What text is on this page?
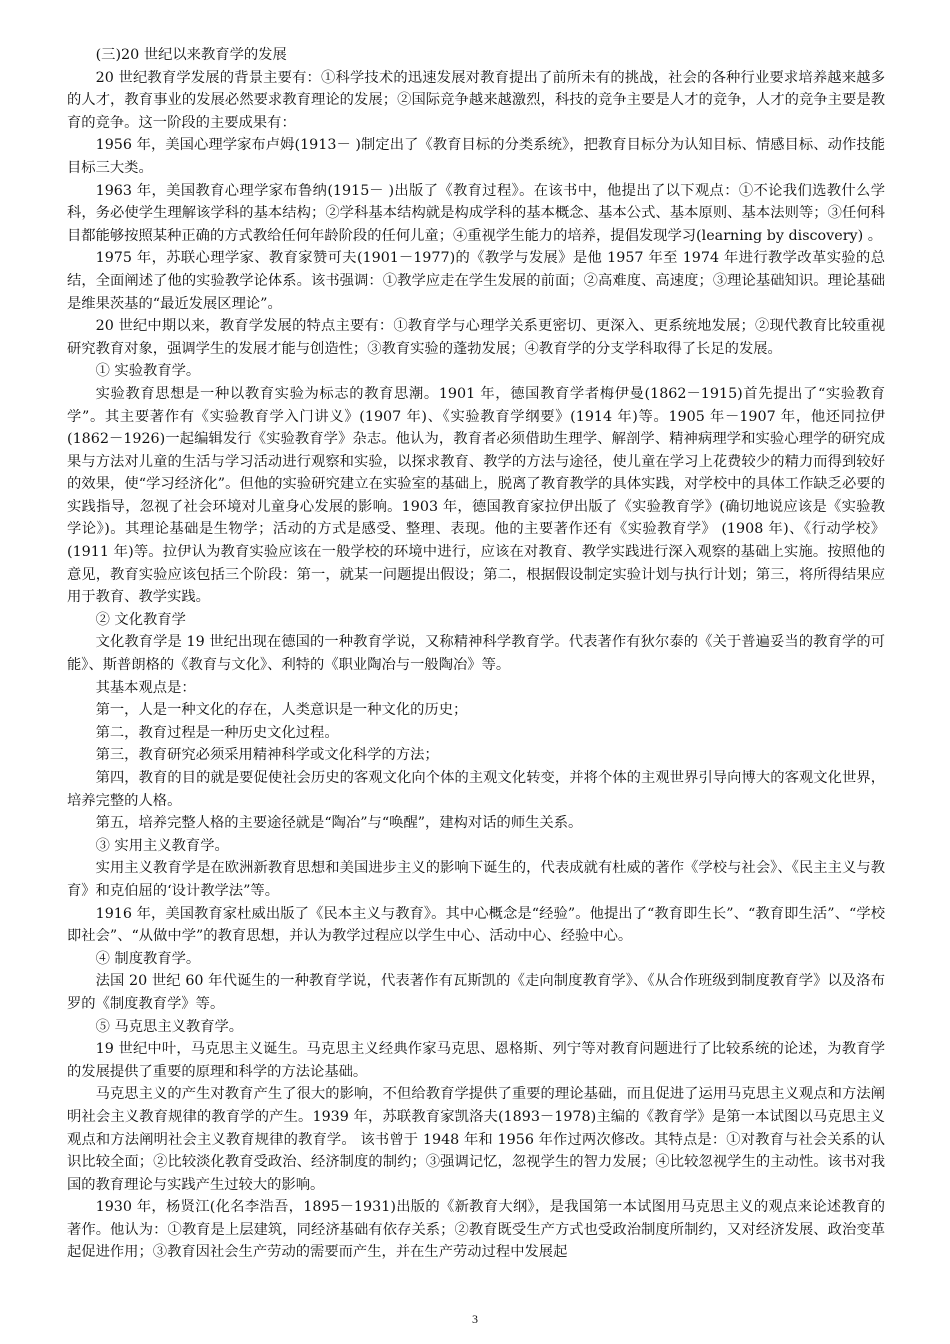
(三)20 世纪以来教育学的发展

20 世纪教育学发展的背景主要有：①科学技术的迅速发展对教育提出了前所未有的挑战，社会的各种行业要求培养越来越多的人才，教育事业的发展必然要求教育理论的发展；②国际竞争越来越激烈，科技的竞争主要是人才的竞争，人才的竞争主要是教育的竞争。这一阶段的主要成果有：

1956 年，美国心理学家布卢姆(1913－ )制定出了《教育目标的分类系统》，把教育目标分为认知目标、情感目标、动作技能目标三大类。

1963 年，美国教育心理学家布鲁纳(1915－ )出版了《教育过程》。在该书中，他提出了以下观点：①不论我们选教什么学科，务必使学生理解该学科的基本结构；②学科基本结构就是构成学科的基本概念、基本公式、基本原则、基本法则等；③任何科目都能够按照某种正确的方式教给任何年龄阶段的任何儿童；④重视学生能力的培养，提倡发现学习(learning by discovery) 。

1975 年，苏联心理学家、教育家赞可夫(1901－1977)的《教学与发展》是他 1957 年至 1974 年进行教学改革实验的总结，全面阐述了他的实验教学论体系。该书强调：①教学应走在学生发展的前面；②高难度、高速度；③理论基础知识。理论基础是维果茨基的“最近发展区理论”。

20 世纪中期以来，教育学发展的特点主要有：①教育学与心理学关系更密切、更深入、更系统地发展；②现代教育比较重视研究教育对象，强调学生的发展才能与创造性；③教育实验的蓬勃发展；④教育学的分支学科取得了长足的发展。

① 实验教育学。

实验教育思想是一种以教育实验为标志的教育思潮。1901 年，德国教育学者梅伊曼(1862－1915)首先提出了“实验教育学”。其主要著作有《实验教育学入门讲义》(1907 年)、《实验教育学纲要》(1914 年)等。1905 年－1907 年，他还同拉伊(1862－1926)一起编辑发行《实验教育学》杂志。他认为，教育者必须借助生理学、解剖学、精神病理学和实验心理学的研究成果与方法对儿童的生活与学习活动进行观察和实验，以探求教育、教学的方法与途径，使儿童在学习上花费较少的精力而得到较好的效果，使“学习经济化”。但他的实验研究建立在实验室的基础上，脱离了教育教学的具体实践，对学校中的具体工作缺乏必要的实践指导，忽视了社会环境对儿童身心发展的影响。1903 年，德国教育家拉伊出版了《实验教育学》(确切地说应该是《实验教学论》)。其理论基础是生物学；活动的方式是感受、整理、表现。他的主要著作还有《实验教育学》 (1908 年)、《行动学校》(1911 年)等。拉伊认为教育实验应该在一般学校的环境中进行，应该在对教育、教学实践进行深入观察的基础上实施。按照他的意见，教育实验应该包括三个阶段：第一，就某一问题提出假设；第二，根据假设制定实验计划与执行计划；第三，将所得结果应用于教育、教学实践。

② 文化教育学

文化教育学是 19 世纪出现在德国的一种教育学说，又称精神科学教育学。代表著作有狄尔泰的《关于普遍妥当的教育学的可能》、斯普朗格的《教育与文化》、利特的《职业陶冶与一般陶冶》等。

其基本观点是：

第一，人是一种文化的存在，人类意识是一种文化的历史；

第二，教育过程是一种历史文化过程。

第三，教育研究必须采用精神科学或文化科学的方法；

第四，教育的目的就是要促使社会历史的客观文化向个体的主观文化转变，并将个体的主观世界引导向博大的客观文化世界，培养完整的人格。

第五，培养完整人格的主要途径就是“陶冶”与“唤醒”，建构对话的师生关系。

③ 实用主义教育学。

实用主义教育学是在欧洲新教育思想和美国进步主义的影响下诞生的，代表成就有杜威的著作《学校与社会》、《民主主义与教育》和克伯屈的‘设计教学法”等。

1916 年，美国教育家杜威出版了《民本主义与教育》。其中心概念是“经验”。他提出了“教育即生长”、“教育即生活”、“学校即社会”、“从做中学”的教育思想，并认为教学过程应以学生中心、活动中心、经验中心。

④ 制度教育学。

法国 20 世纪 60 年代诞生的一种教育学说，代表著作有瓦斯凯的《走向制度教育学》、《从合作班级到制度教育学》以及洛布罗的《制度教育学》等。

⑤ 马克思主义教育学。

19 世纪中叶，马克思主义诞生。马克思主义经典作家马克思、恩格斯、列宁等对教育问题进行了比较系统的论述，为教育学的发展提供了重要的原理和科学的方法论基础。

马克思主义的产生对教育产生了很大的影响，不但给教育学提供了重要的理论基础，而且促进了运用马克思主义观点和方法阐明社会主义教育规律的教育学的产生。1939 年，苏联教育家凯洛夫(1893－1978)主编的《教育学》是第一本试图以马克思主义观点和方法阐明社会主义教育规律的教育学。 该书曾于 1948 年和 1956 年作过两次修改。其特点是：①对教育与社会关系的认识比较全面；②比较淡化教育受政治、经济制度的制约；③强调记忆，忽视学生的智力发展；④比较忽视学生的主动性。该书对我国的教育理论与实践产生过较大的影响。

1930 年，杨贤江(化名李浩吾，1895－1931)出版的《新教育大纲》，是我国第一本试图用马克思主义的观点来论述教育的著作。他认为：①教育是上层建筑，同经济基础有依存关系；②教育既受生产方式也受政治制度所制约，又对经济发展、政治变革起促进作用；③教育因社会生产劳动的需要而产生，并在生产劳动过程中发展起

3
